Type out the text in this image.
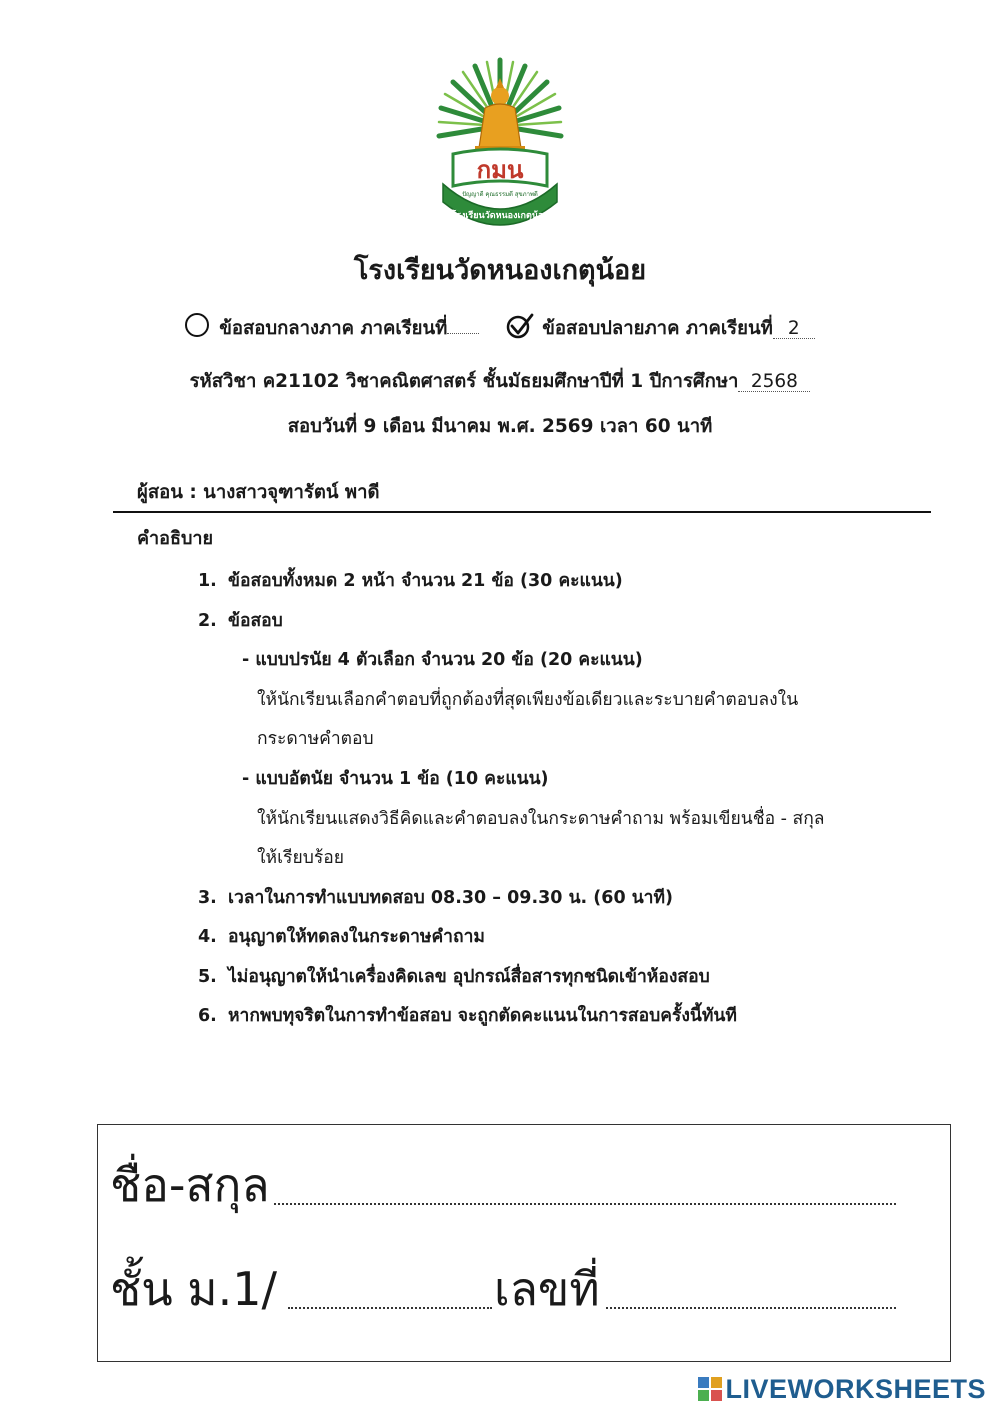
กมน
โรงเรียนวัดหนองเกตุน้อย
ปัญญาดี คุณธรรมดี สุขภาพดี
โรงเรียนวัดหนองเกตุน้อย
ข้อสอบกลางภาค ภาคเรียนที่	ข้อสอบปลายภาค ภาคเรียนที่ 2
รหัสวิชา ค21102 วิชาคณิตศาสตร์ ชั้นมัธยมศึกษาปีที่ 1 ปีการศึกษา 2568
สอบวันที่ 9 เดือน มีนาคม พ.ศ. 2569 เวลา 60 นาที
ผู้สอน : นางสาวจุฑารัตน์ พาดี
คำอธิบาย
1. ข้อสอบทั้งหมด 2 หน้า จำนวน 21 ข้อ (30 คะแนน)
2. ข้อสอบ
- แบบปรนัย 4 ตัวเลือก จำนวน 20 ข้อ (20 คะแนน)
ให้นักเรียนเลือกคำตอบที่ถูกต้องที่สุดเพียงข้อเดียวและระบายคำตอบลงใน
กระดาษคำตอบ
- แบบอัตนัย จำนวน 1 ข้อ (10 คะแนน)
ให้นักเรียนแสดงวิธีคิดและคำตอบลงในกระดาษคำถาม พร้อมเขียนชื่อ - สกุล
ให้เรียบร้อย
3. เวลาในการทำแบบทดสอบ 08.30 – 09.30 น. (60 นาที)
4. อนุญาตให้ทดลงในกระดาษคำถาม
5. ไม่อนุญาตให้นำเครื่องคิดเลข อุปกรณ์สื่อสารทุกชนิดเข้าห้องสอบ
6. หากพบทุจริตในการทำข้อสอบ จะถูกตัดคะแนนในการสอบครั้งนี้ทันที
ชื่อ-สกุล
ชั้น ม.1/	เลขที่
LIVEWORKSHEETS
